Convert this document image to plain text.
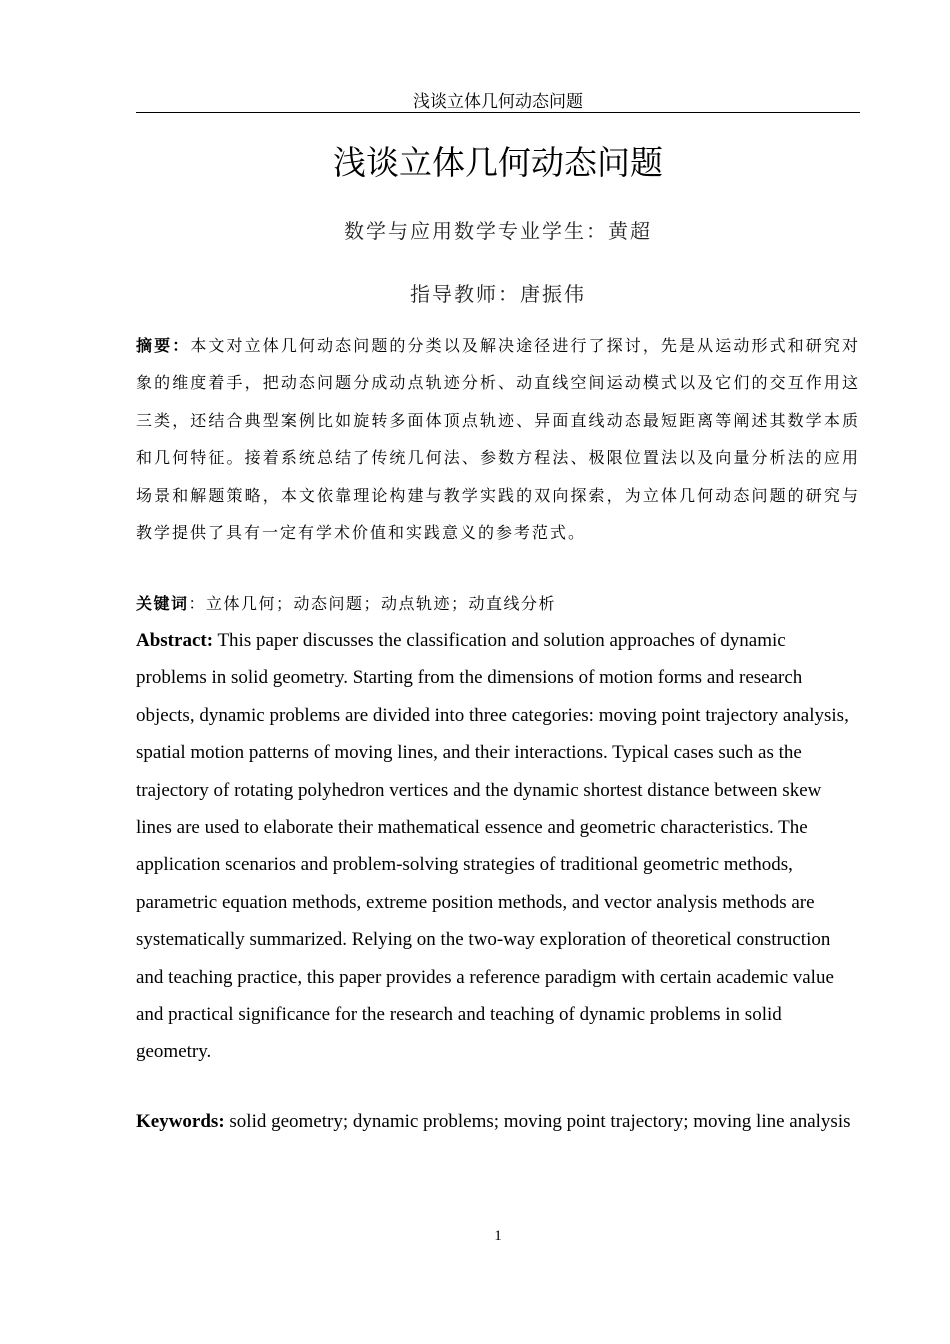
浅谈立体几何动态问题
浅谈立体几何动态问题
数学与应用数学专业学生：黄超
指导教师：唐振伟

摘要：本文对立体几何动态问题的分类以及解决途径进行了探讨，先是从运动形式和研究对象的维度着手，把动态问题分成动点轨迹分析、动直线空间运动模式以及它们的交互作用这三类，还结合典型案例比如旋转多面体顶点轨迹、异面直线动态最短距离等阐述其数学本质和几何特征。接着系统总结了传统几何法、参数方程法、极限位置法以及向量分析法的应用场景和解题策略，本文依靠理论构建与教学实践的双向探索，为立体几何动态问题的研究与教学提供了具有一定有学术价值和实践意义的参考范式。

关键词：立体几何；动态问题；动点轨迹；动直线分析

Abstract: This paper discusses the classification and solution approaches of dynamic problems in solid geometry. Starting from the dimensions of motion forms and research objects, dynamic problems are divided into three categories: moving point trajectory analysis, spatial motion patterns of moving lines, and their interactions. Typical cases such as the trajectory of rotating polyhedron vertices and the dynamic shortest distance between skew lines are used to elaborate their mathematical essence and geometric characteristics. The application scenarios and problem-solving strategies of traditional geometric methods, parametric equation methods, extreme position methods, and vector analysis methods are systematically summarized. Relying on the two-way exploration of theoretical construction and teaching practice, this paper provides a reference paradigm with certain academic value and practical significance for the research and teaching of dynamic problems in solid geometry.

Keywords: solid geometry; dynamic problems; moving point trajectory; moving line analysis

1
